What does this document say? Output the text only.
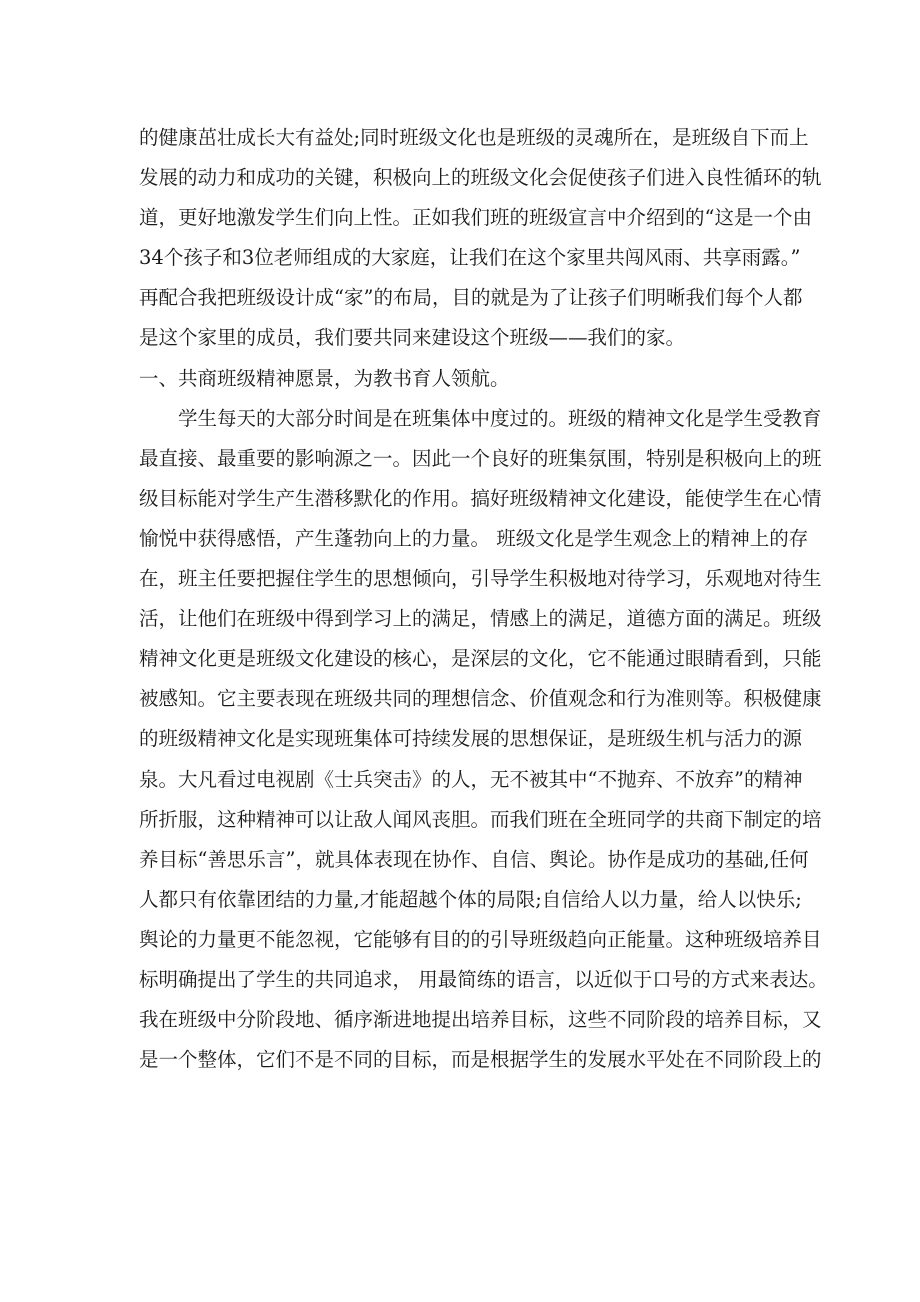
的健康茁壮成长大有益处;同时班级文化也是班级的灵魂所在，是班级自下而上
发展的动力和成功的关键，积极向上的班级文化会促使孩子们进入良性循环的轨
道，更好地激发学生们向上性。正如我们班的班级宣言中介绍到的“这是一个由
34个孩子和3位老师组成的大家庭，让我们在这个家里共闯风雨、共享雨露。”
再配合我把班级设计成“家”的布局，目的就是为了让孩子们明晰我们每个人都
是这个家里的成员，我们要共同来建设这个班级——我们的家。
一、共商班级精神愿景，为教书育人领航。
学生每天的大部分时间是在班集体中度过的。班级的精神文化是学生受教育
最直接、最重要的影响源之一。因此一个良好的班集氛围，特别是积极向上的班
级目标能对学生产生潜移默化的作用。搞好班级精神文化建设，能使学生在心情
愉悦中获得感悟，产生蓬勃向上的力量。 班级文化是学生观念上的精神上的存
在，班主任要把握住学生的思想倾向，引导学生积极地对待学习，乐观地对待生
活，让他们在班级中得到学习上的满足，情感上的满足，道德方面的满足。班级
精神文化更是班级文化建设的核心，是深层的文化，它不能通过眼睛看到，只能
被感知。它主要表现在班级共同的理想信念、价值观念和行为准则等。积极健康
的班级精神文化是实现班集体可持续发展的思想保证，是班级生机与活力的源
泉。大凡看过电视剧《士兵突击》的人，无不被其中“不抛弃、不放弃”的精神
所折服，这种精神可以让敌人闻风丧胆。而我们班在全班同学的共商下制定的培
养目标“善思乐言”，就具体表现在协作、自信、舆论。协作是成功的基础,任何
人都只有依靠团结的力量,才能超越个体的局限;自信给人以力量，给人以快乐;
舆论的力量更不能忽视，它能够有目的的引导班级趋向正能量。这种班级培养目
标明确提出了学生的共同追求， 用最简练的语言，以近似于口号的方式来表达。
我在班级中分阶段地、循序渐进地提出培养目标，这些不同阶段的培养目标，又
是一个整体，它们不是不同的目标，而是根据学生的发展水平处在不同阶段上的
